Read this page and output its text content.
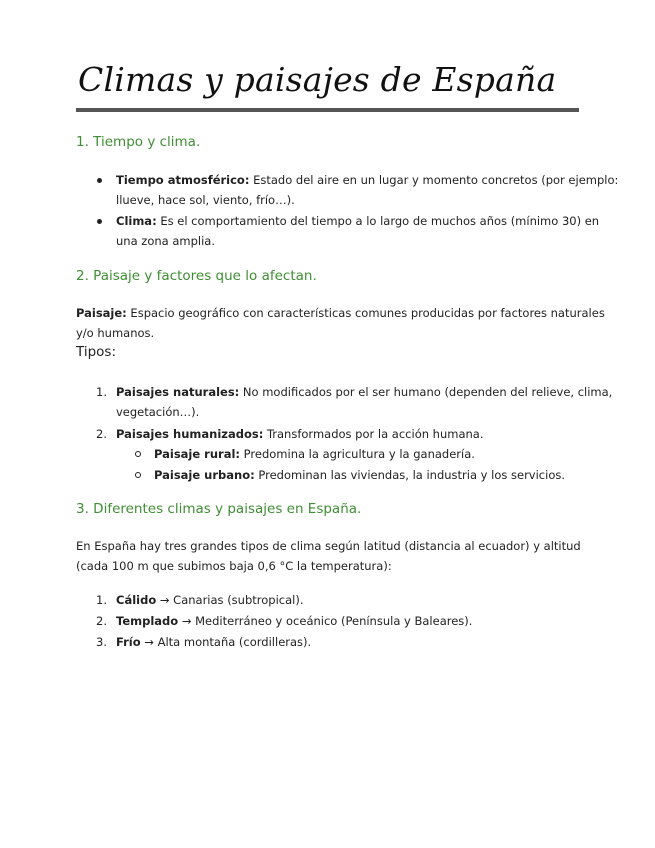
Climas y paisajes de España
1. Tiempo y clima.

Tiempo atmosférico: Estado del aire en un lugar y momento concretos (por ejemplo:

llueve, hace sol, viento, frío…).

Clima: Es el comportamiento del tiempo a lo largo de muchos años (mínimo 30) en

una zona amplia.

2. Paisaje y factores que lo afectan.

Paisaje: Espacio geográfico con características comunes producidas por factores naturales

y/o humanos.

Tipos:

1. Paisajes naturales: No modificados por el ser humano (dependen del relieve, clima,

vegetación…).

2. Paisajes humanizados: Transformados por la acción humana.

Paisaje rural: Predomina la agricultura y la ganadería.

Paisaje urbano: Predominan las viviendas, la industria y los servicios.

3. Diferentes climas y paisajes en España.

En España hay tres grandes tipos de clima según latitud (distancia al ecuador) y altitud

(cada 100 m que subimos baja 0,6 °C la temperatura):

1. Cálido → Canarias (subtropical).

2. Templado → Mediterráneo y oceánico (Península y Baleares).

3. Frío → Alta montaña (cordilleras).
